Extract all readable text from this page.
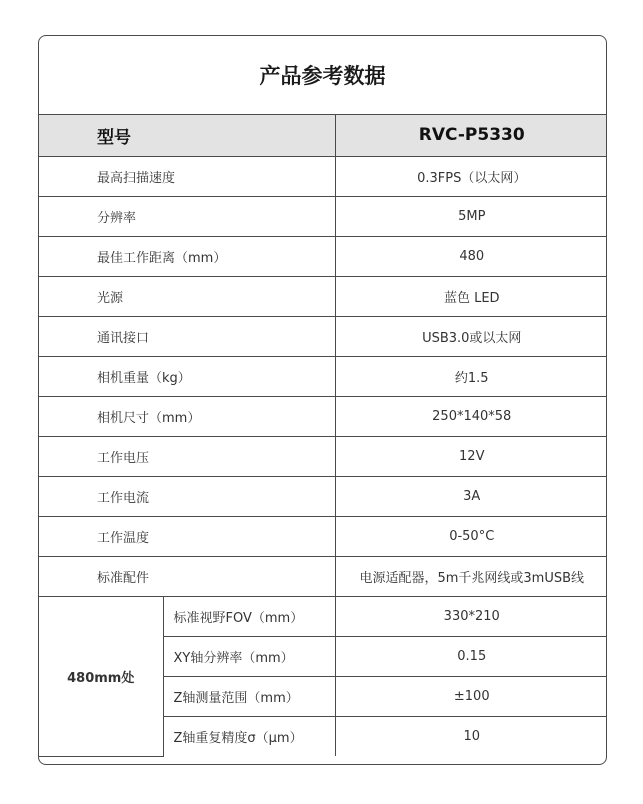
产品参考数据
型号		RVC-P5330
最高扫描速度		0.3FPS（以太网）
分辨率		5MP
最佳工作距离（mm）		480
光源		蓝色 LED
通讯接口		USB3.0或以太网
相机重量（kg）		约1.5
相机尺寸（mm）		250*140*58
工作电压		12V
工作电流		3A
工作温度		0-50°C
标准配件		电源适配器，5m千兆网线或3mUSB线
480mm处	标准视野FOV（mm）	330*210
	XY轴分辨率（mm）	0.15
	Z轴测量范围（mm）	±100
	Z轴重复精度σ（μm）	10
